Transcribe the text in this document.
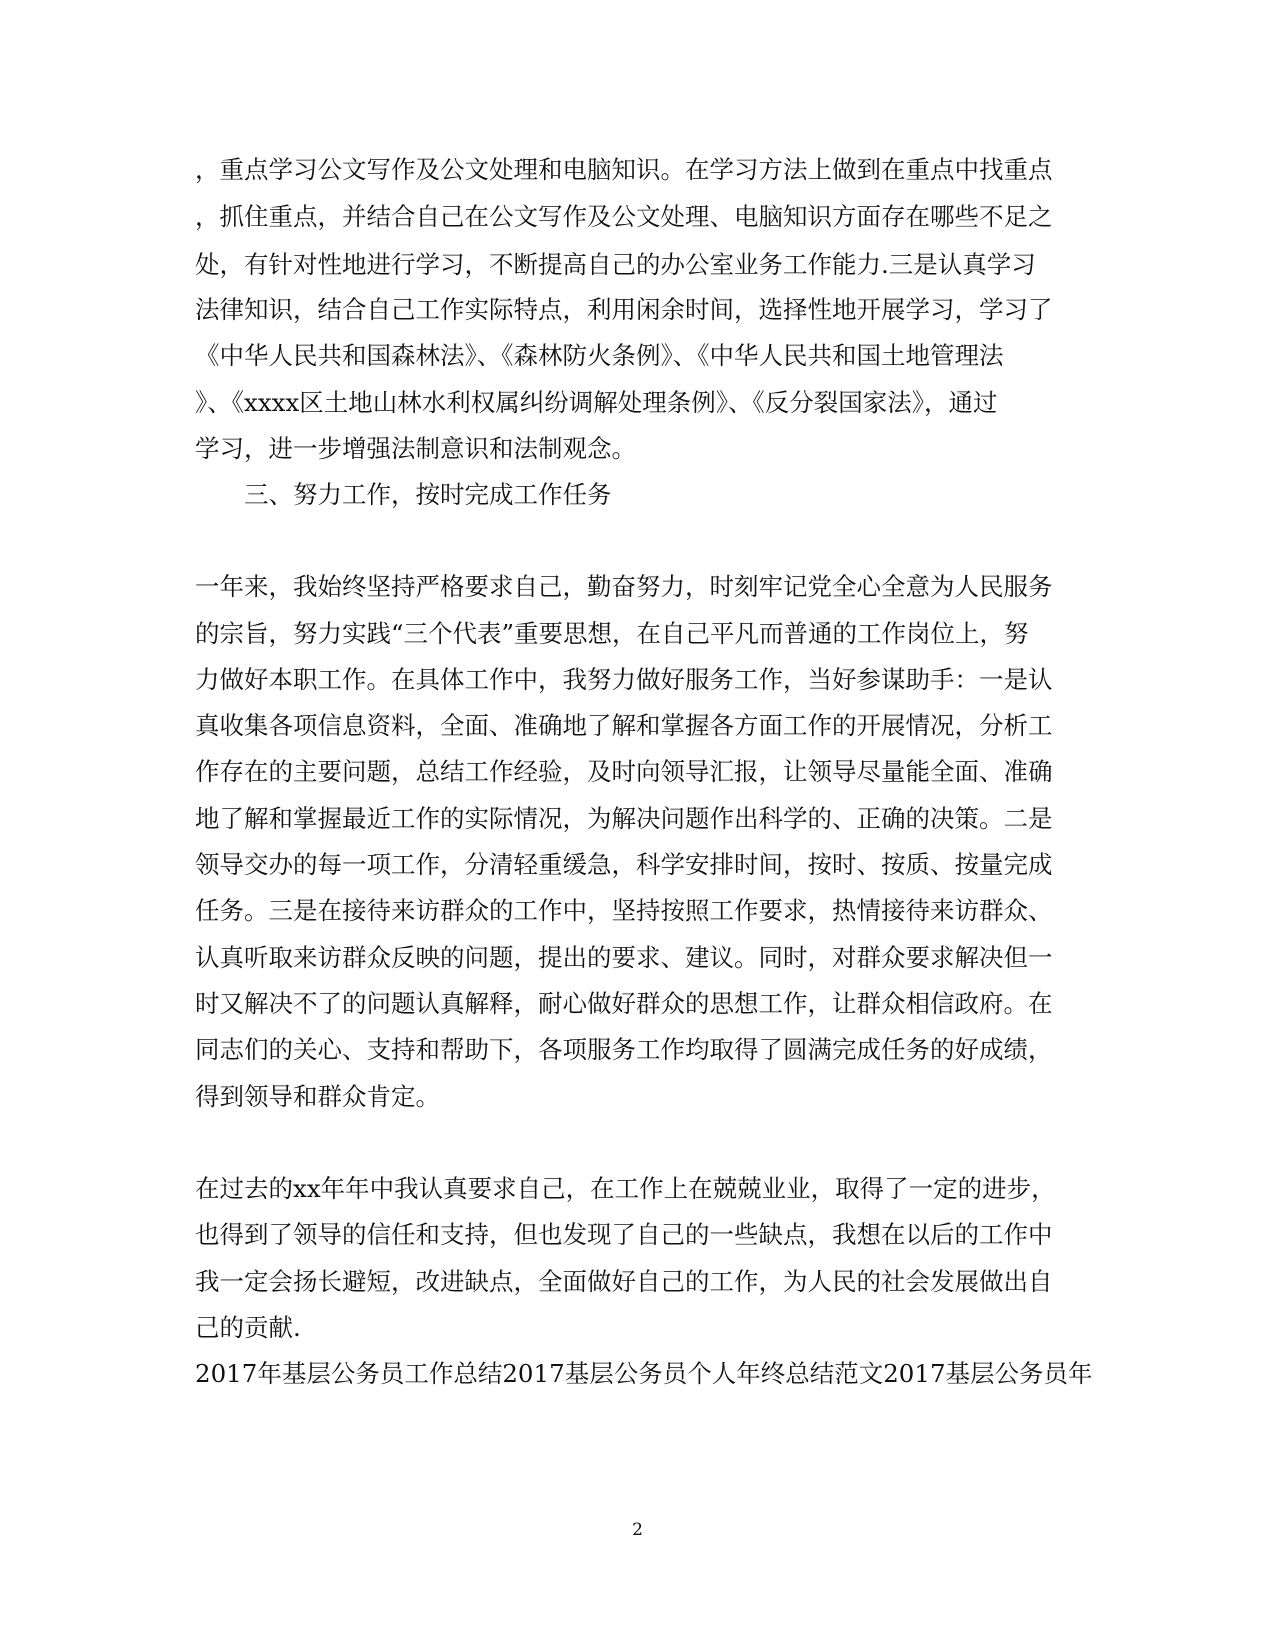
，重点学习公文写作及公文处理和电脑知识。在学习方法上做到在重点中找重点
，抓住重点，并结合自己在公文写作及公文处理、电脑知识方面存在哪些不足之
处，有针对性地进行学习，不断提高自己的办公室业务工作能力.三是认真学习
法律知识，结合自己工作实际特点，利用闲余时间，选择性地开展学习，学习了
《中华人民共和国森林法》、《森林防火条例》、《中华人民共和国土地管理法
》、《xxxx区土地山林水利权属纠纷调解处理条例》、《反分裂国家法》，通过
学习，进一步增强法制意识和法制观念。
三、努力工作，按时完成工作任务
一年来，我始终坚持严格要求自己，勤奋努力，时刻牢记党全心全意为人民服务
的宗旨，努力实践“三个代表”重要思想，在自己平凡而普通的工作岗位上，努
力做好本职工作。在具体工作中，我努力做好服务工作，当好参谋助手：一是认
真收集各项信息资料，全面、准确地了解和掌握各方面工作的开展情况，分析工
作存在的主要问题，总结工作经验，及时向领导汇报，让领导尽量能全面、准确
地了解和掌握最近工作的实际情况，为解决问题作出科学的、正确的决策。二是
领导交办的每一项工作，分清轻重缓急，科学安排时间，按时、按质、按量完成
任务。三是在接待来访群众的工作中，坚持按照工作要求，热情接待来访群众、
认真听取来访群众反映的问题，提出的要求、建议。同时，对群众要求解决但一
时又解决不了的问题认真解释，耐心做好群众的思想工作，让群众相信政府。在
同志们的关心、支持和帮助下，各项服务工作均取得了圆满完成任务的好成绩，
得到领导和群众肯定。
在过去的xx年年中我认真要求自己，在工作上在兢兢业业，取得了一定的进步，
也得到了领导的信任和支持，但也发现了自己的一些缺点，我想在以后的工作中
我一定会扬长避短，改进缺点，全面做好自己的工作，为人民的社会发展做出自
己的贡献.
2017年基层公务员工作总结2017基层公务员个人年终总结范文2017基层公务员年
2
